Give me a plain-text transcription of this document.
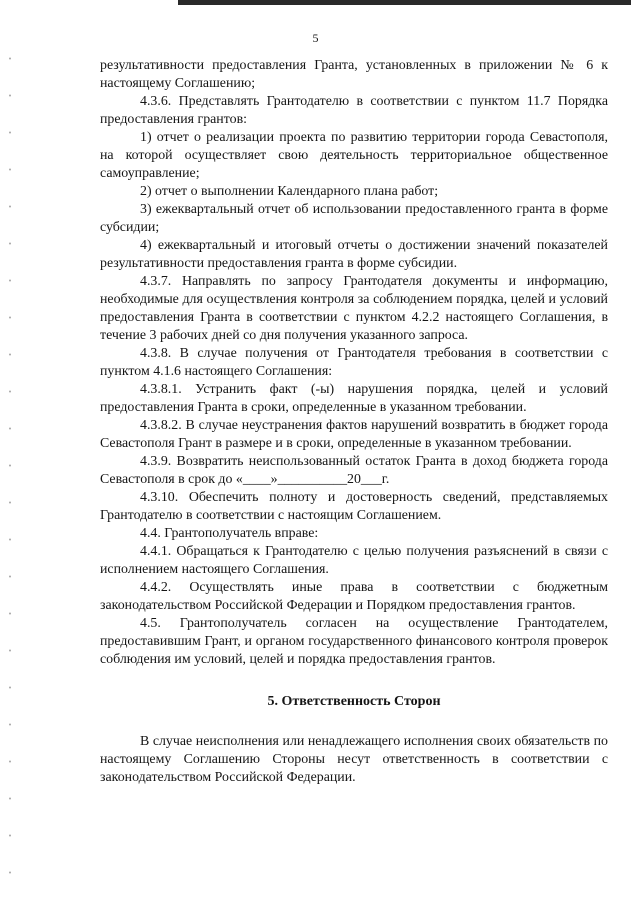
5

результативности предоставления Гранта, установленных в приложении № 6 к настоящему Соглашению;

4.3.6. Представлять Грантодателю в соответствии с пунктом 11.7 Порядка предоставления грантов:

1) отчет о реализации проекта по развитию территории города Севастополя, на которой осуществляет свою деятельность территориальное общественное самоуправление;

2) отчет о выполнении Календарного плана работ;

3) ежеквартальный отчет об использовании предоставленного гранта в форме субсидии;

4) ежеквартальный и итоговый отчеты о достижении значений показателей результативности предоставления гранта в форме субсидии.

4.3.7. Направлять по запросу Грантодателя документы и информацию, необходимые для осуществления контроля за соблюдением порядка, целей и условий предоставления Гранта в соответствии с пунктом 4.2.2 настоящего Соглашения, в течение 3 рабочих дней со дня получения указанного запроса.

4.3.8. В случае получения от Грантодателя требования в соответствии с пунктом 4.1.6 настоящего Соглашения:

4.3.8.1. Устранить факт (-ы) нарушения порядка, целей и условий предоставления Гранта в сроки, определенные в указанном требовании.

4.3.8.2. В случае неустранения фактов нарушений возвратить в бюджет города Севастополя Грант в размере и в сроки, определенные в указанном требовании.

4.3.9. Возвратить неиспользованный остаток Гранта в доход бюджета города Севастополя в срок до «____»__________20___г.

4.3.10. Обеспечить полноту и достоверность сведений, представляемых Грантодателю в соответствии с настоящим Соглашением.

4.4. Грантополучатель вправе:

4.4.1. Обращаться к Грантодателю с целью получения разъяснений в связи с исполнением настоящего Соглашения.

4.4.2. Осуществлять иные права в соответствии с бюджетным законодательством Российской Федерации и Порядком предоставления грантов.

4.5. Грантополучатель согласен на осуществление Грантодателем, предоставившим Грант, и органом государственного финансового контроля проверок соблюдения им условий, целей и порядка предоставления грантов.

5. Ответственность Сторон

В случае неисполнения или ненадлежащего исполнения своих обязательств по настоящему Соглашению Стороны несут ответственность в соответствии с законодательством Российской Федерации.
